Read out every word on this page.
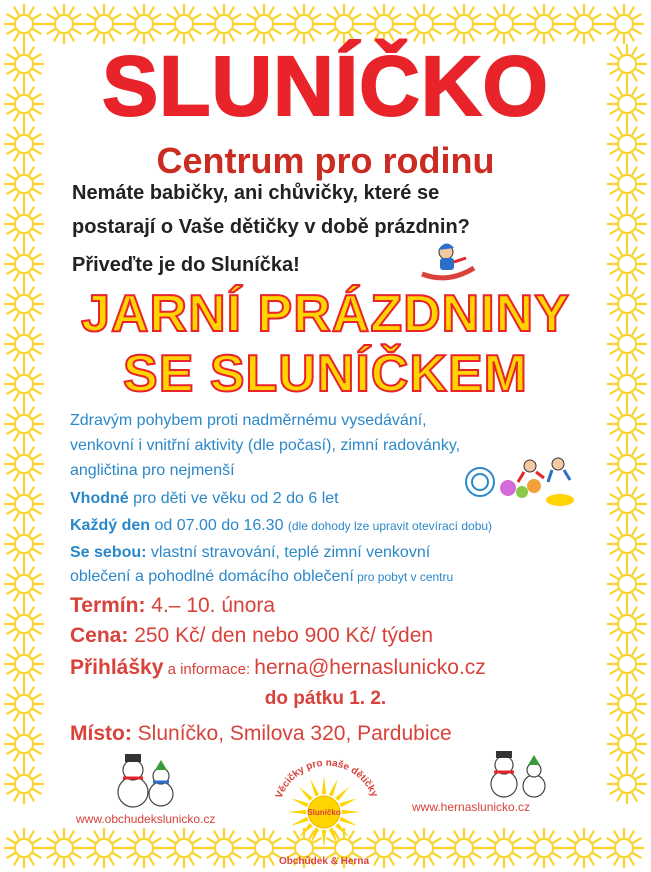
SLUNÍČKO
Centrum pro rodinu
Nemáte babičky, ani chůvičky, které se
postarají o Vaše dětičky v době prázdnin?
Přiveďte je do Sluníčka!
JARNÍ PRÁZDNINY
SE SLUNÍČKEM
Zdravým pohybem proti nadměrnému vysedávání,
venkovní i vnitřní aktivity (dle počasí), zimní radovánky,
angličtina pro nejmenší
Vhodné pro děti ve věku od 2 do 6 let
Každý den od 07.00 do 16.30 (dle dohody lze upravit otevírací dobu)
Se sebou: vlastní stravování, teplé zimní venkovní
oblečení a pohodlné domácího oblečení pro pobyt v centru
Termín: 4.– 10. února
Cena: 250 Kč/ den nebo 900 Kč/ týden
Přihlášky a informace: herna@hernaslunicko.cz
do pátku 1. 2.
Místo: Sluníčko, Smilova 320, Pardubice
www.obchudekslunicko.cz
www.hernaslunicko.cz
Věcičky pro naše dětičky
Sluníčko
Obchůdek & Herna
